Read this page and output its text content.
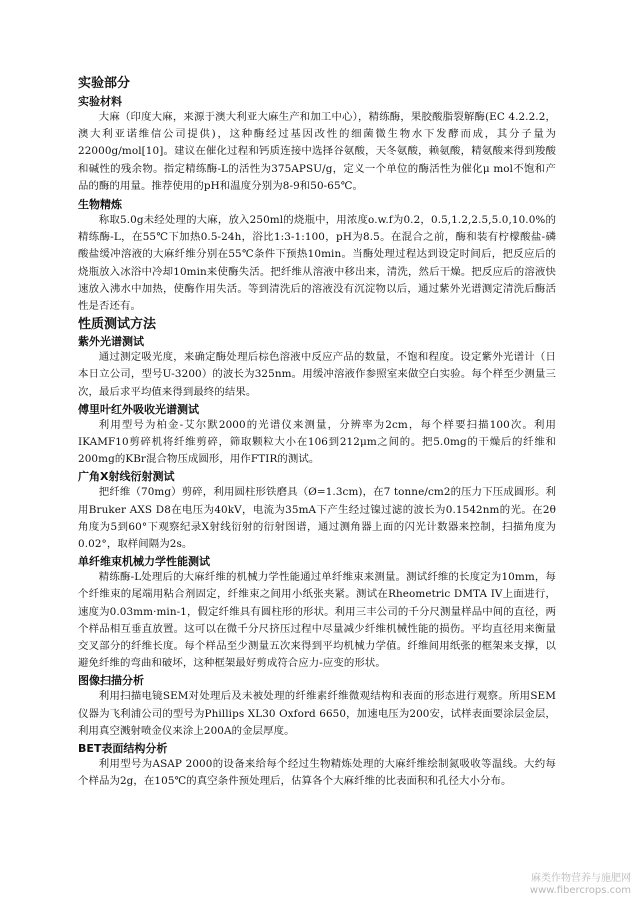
实验部分
实验材料

大麻（印度大麻，来源于澳大利亚大麻生产和加工中心），精练酶，果胶酸脂裂解酶(EC 4.2.2.2，澳大利亚诺维信公司提供)，这种酶经过基因改性的细菌微生物水下发酵而成，其分子量为22000g/mol[10]。建议在催化过程和钙质连接中选择谷氨酸，天冬氨酸，赖氨酸，精氨酸来得到羧酸和碱性的残余物。指定精练酶-L的活性为375APSU/g，定义一个单位的酶活性为催化μ mol不饱和产品的酶的用量。推荐使用的pH和温度分别为8-9和50-65℃。

生物精炼

称取5.0g未经处理的大麻，放入250ml的烧瓶中，用浓度o.w.f为0.2，0.5,1.2,2.5,5.0,10.0%的精练酶-L，在55℃下加热0.5-24h，浴比1:3-1:100，pH为8.5。在混合之前，酶和装有柠檬酸盐-磷酸盐缓冲溶液的大麻纤维分别在55℃条件下预热10min。当酶处理过程达到设定时间后，把反应后的烧瓶放入冰浴中冷却10min来使酶失活。把纤维从溶液中移出来，清洗，然后干燥。把反应后的溶液快速放入沸水中加热，使酶作用失活。等到清洗后的溶液没有沉淀物以后，通过紫外光谱测定清洗后酶活性是否还有。

性质测试方法
紫外光谱测试

通过测定吸光度，来确定酶处理后棕色溶液中反应产品的数量，不饱和程度。设定紫外光谱计（日本日立公司，型号U-3200）的波长为325nm。用缓冲溶液作参照室来做空白实验。每个样至少测量三次，最后求平均值来得到最终的结果。

傅里叶红外吸收光谱测试

利用型号为柏金-艾尔默2000的光谱仪来测量，分辨率为2cm，每个样要扫描100次。利用IKAMF10剪碎机将纤维剪碎，筛取颗粒大小在106到212μm之间的。把5.0mg的干燥后的纤维和200mg的KBr混合物压成圆形，用作FTIR的测试。

广角X射线衍射测试

把纤维（70mg）剪碎，利用圆柱形铁磨具（Ø=1.3cm)，在7 tonne/cm2的压力下压成圆形。利用Bruker AXS D8在电压为40kV，电流为35mA下产生经过镍过滤的波长为0.1542nm的光。在2θ角度为5到60°下观察纪录X射线衍射的衍射图谱，通过测角器上面的闪光计数器来控制，扫描角度为0.02°，取样间隔为2s。

单纤维束机械力学性能测试

精练酶-L处理后的大麻纤维的机械力学性能通过单纤维束来测量。测试纤维的长度定为10mm，每个纤维束的尾端用粘合剂固定，纤维束之间用小纸张夹紧。测试在Rheometric DMTA IV上面进行，速度为0.03mm·min-1，假定纤维具有圆柱形的形状。利用三丰公司的千分尺测量样品中间的直径，两个样品相互垂直放置。这可以在微千分尺挤压过程中尽量减少纤维机械性能的损伤。平均直径用来衡量交叉部分的纤维长度。每个样品至少测量五次来得到平均机械力学值。纤维间用纸张的框架来支撑，以避免纤维的弯曲和破坏，这种框架最好剪成符合应力-应变的形状。

图像扫描分析

利用扫描电镜SEM对处理后及未被处理的纤维素纤维微观结构和表面的形态进行观察。所用SEM仪器为飞利浦公司的型号为Phillips XL30 Oxford 6650，加速电压为200安，试样表面要涂层金层，利用真空溅射喷金仪来涂上200A的金层厚度。

BET表面结构分析

利用型号为ASAP 2000的设备来给每个经过生物精炼处理的大麻纤维绘制氮吸收等温线。大约每个样品为2g，在105℃的真空条件预处理后，估算各个大麻纤维的比表面积和孔径大小分布。

麻类作物营养与施肥网
www.fibercrops.com
